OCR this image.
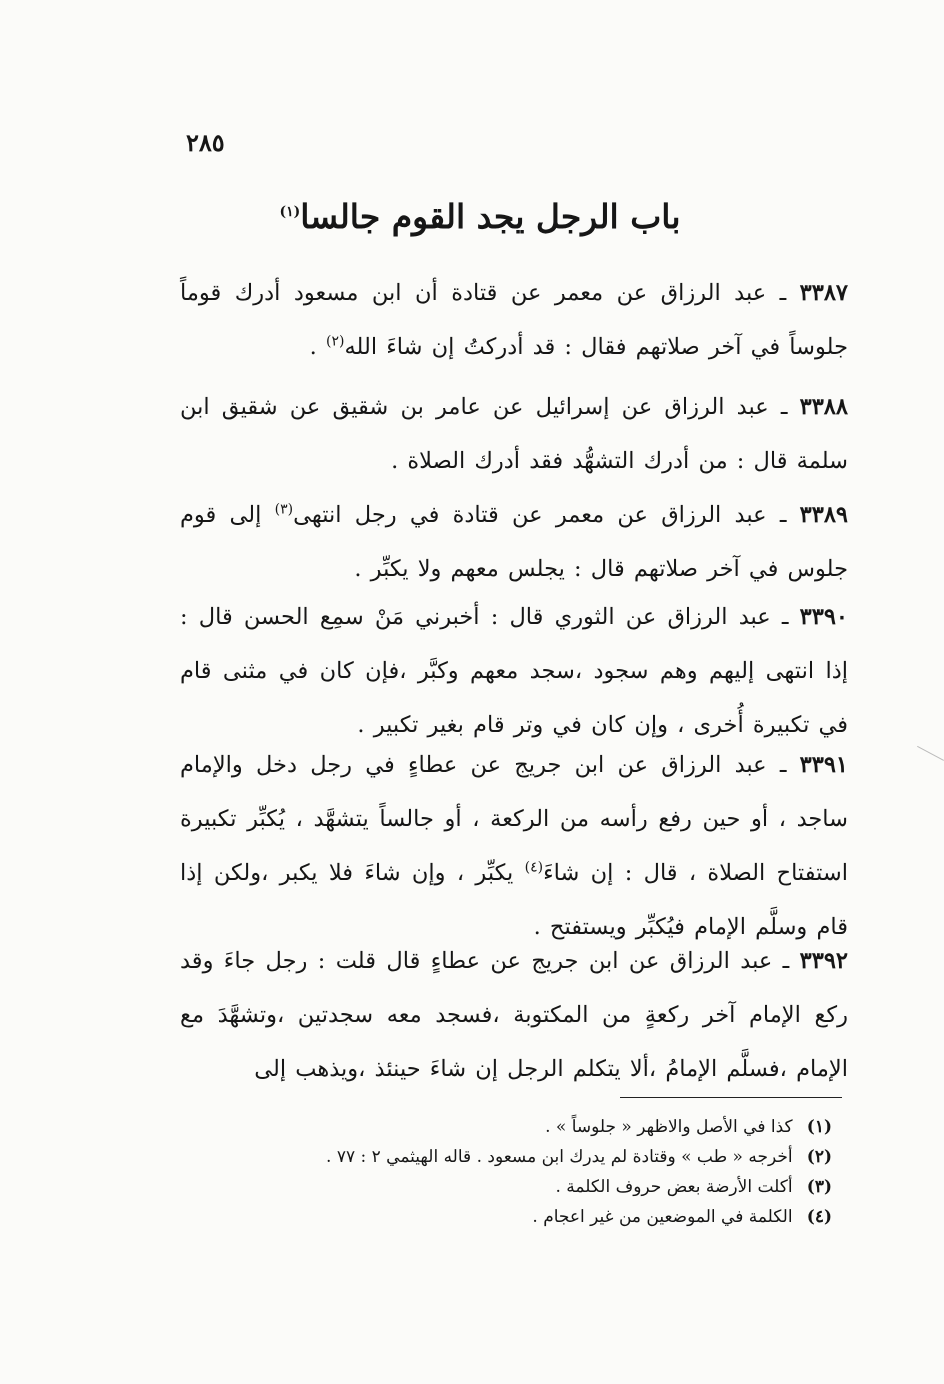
٢٨٥
باب الرجل يجد القوم جالسا$^{(١)}$
٣٣٨٧ ـ عبد الرزاق عن معمر عن قتادة أن ابن مسعود أدرك قوماً جلوساً في آخر صلاتهم فقال : قد أدركتُ إن شاءَ الله$^{(٢)}$ .
٣٣٨٨ ـ عبد الرزاق عن إسرائيل عن عامر بن شقيق عن شقيق ابن سلمة قال : من أدرك التشهُّد فقد أدرك الصلاة .
٣٣٨٩ ـ عبد الرزاق عن معمر عن قتادة في رجل انتهى$^{(٣)}$ إلى قوم جلوس في آخر صلاتهم قال : يجلس معهم ولا يكبِّر .
٣٣٩٠ ـ عبد الرزاق عن الثوري قال : أخبرني مَنْ سمِع الحسن قال : إذا انتهى إليهم وهم سجود ،سجد معهم وكبَّر ،فإن كان في مثنى قام في تكبيرة أُخرى ، وإن كان في وتر قام بغير تكبير .
٣٣٩١ ـ عبد الرزاق عن ابن جريج عن عطاءٍ في رجل دخل والإمام ساجد ، أو حين رفع رأسه من الركعة ، أو جالساً يتشهَّد ، يُكبِّر تكبيرة استفتاح الصلاة ، قال : إن شاءَ$^{(٤)}$ يكبِّر ، وإن شاءَ فلا يكبر ،ولكن إذا قام وسلَّم الإمام فيُكبِّر ويستفتح .
٣٣٩٢ ـ عبد الرزاق عن ابن جريج عن عطاءٍ قال قلت : رجل جاءَ وقد ركع الإمام آخر ركعةٍ من المكتوبة ،فسجد معه سجدتين ،وتشهَّدَ مع الإمام ،فسلَّم الإمامُ ،ألا يتكلم الرجل إن شاءَ حينئذ ،ويذهب إلى
(١) كذا في الأصل والاظهر « جلوساً » .
(٢) أخرجه « طب » وقتادة لم يدرك ابن مسعود . قاله الهيثمي ٢ : ٧٧ .
(٣) أكلت الأرضة بعض حروف الكلمة .
(٤) الكلمة في الموضعين من غير اعجام .
